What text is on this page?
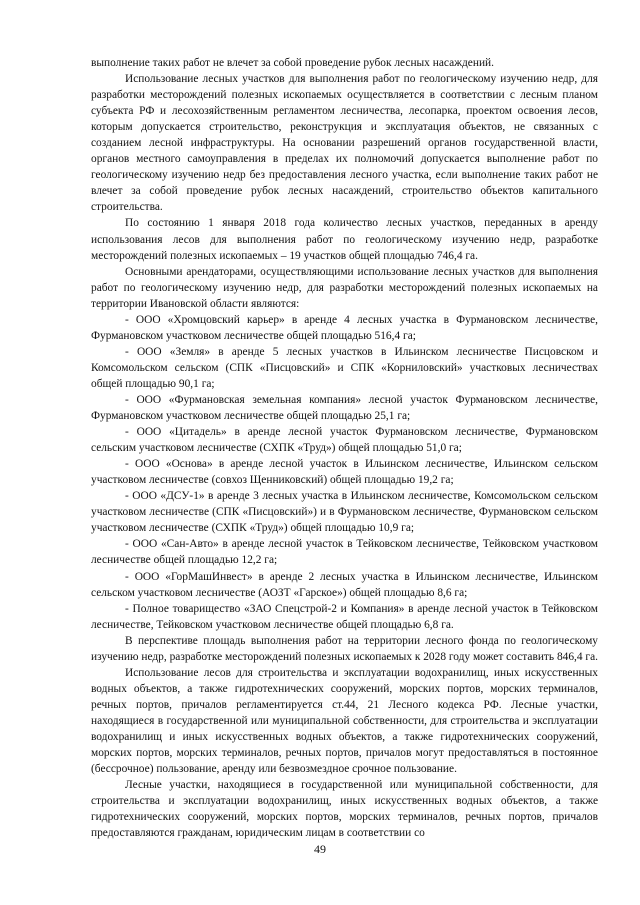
выполнение таких работ не влечет за собой проведение рубок лесных насаждений.

Использование лесных участков для выполнения работ по геологическому изучению недр, для разработки месторождений полезных ископаемых осуществляется в соответствии с лесным планом субъекта РФ и лесохозяйственным регламентом лесничества, лесопарка, проектом освоения лесов, которым допускается строительство, реконструкция и эксплуатация объектов, не связанных с созданием лесной инфраструктуры. На основании разрешений органов государственной власти, органов местного самоуправления в пределах их полномочий допускается выполнение работ по геологическому изучению недр без предоставления лесного участка, если выполнение таких работ не влечет за собой проведение рубок лесных насаждений, строительство объектов капитального строительства.

По состоянию 1 января 2018 года количество лесных участков, переданных в аренду использования лесов для выполнения работ по геологическому изучению недр, разработке месторождений полезных ископаемых – 19 участков общей площадью 746,4 га.

Основными арендаторами, осуществляющими использование лесных участков для выполнения работ по геологическому изучению недр, для разработки месторождений полезных ископаемых на территории Ивановской области являются:

- ООО «Хромцовский карьер» в аренде 4 лесных участка в Фурмановском лесничестве, Фурмановском участковом лесничестве общей площадью 516,4 га;

- ООО «Земля» в аренде 5 лесных участков в Ильинском лесничестве Писцовском и Комсомольском сельском (СПК «Писцовский» и СПК «Корниловский» участковых лесничествах общей площадью 90,1 га;

- ООО «Фурмановская земельная компания» лесной участок Фурмановском лесничестве, Фурмановском участковом лесничестве общей площадью 25,1 га;

- ООО «Цитадель» в аренде лесной участок Фурмановском лесничестве, Фурмановском сельским участковом лесничестве (СХПК «Труд») общей площадью 51,0 га;

- ООО «Основа» в аренде лесной участок в Ильинском лесничестве, Ильинском сельском участковом лесничестве (совхоз Щенниковский) общей площадью 19,2 га;

- ООО «ДСУ-1» в аренде 3 лесных участка в Ильинском лесничестве, Комсомольском сельском участковом лесничестве (СПК «Писцовский») и в Фурмановском лесничестве, Фурмановском сельском участковом лесничестве (СХПК «Труд») общей площадью 10,9 га;

- ООО «Сан-Авто» в аренде лесной участок в Тейковском лесничестве, Тейковском участковом лесничестве общей площадью 12,2 га;

- ООО «ГорМашИнвест» в аренде 2 лесных участка в Ильинском лесничестве, Ильинском сельском участковом лесничестве (АОЗТ «Гарское») общей площадью 8,6 га;

- Полное товарищество «ЗАО Спецстрой-2 и Компания» в аренде лесной участок в Тейковском лесничестве, Тейковском участковом лесничестве общей площадью 6,8 га.

В перспективе площадь выполнения работ на территории лесного фонда по геологическому изучению недр, разработке месторождений полезных ископаемых к 2028 году может составить 846,4 га.

Использование лесов для строительства и эксплуатации водохранилищ, иных искусственных водных объектов, а также гидротехнических сооружений, морских портов, морских терминалов, речных портов, причалов регламентируется ст.44, 21 Лесного кодекса РФ. Лесные участки, находящиеся в государственной или муниципальной собственности, для строительства и эксплуатации водохранилищ и иных искусственных водных объектов, а также гидротехнических сооружений, морских портов, морских терминалов, речных портов, причалов могут предоставляться в постоянное (бессрочное) пользование, аренду или безвозмездное срочное пользование.

Лесные участки, находящиеся в государственной или муниципальной собственности, для строительства и эксплуатации водохранилищ, иных искусственных водных объектов, а также гидротехнических сооружений, морских портов, морских терминалов, речных портов, причалов предоставляются гражданам, юридическим лицам в соответствии со

49
